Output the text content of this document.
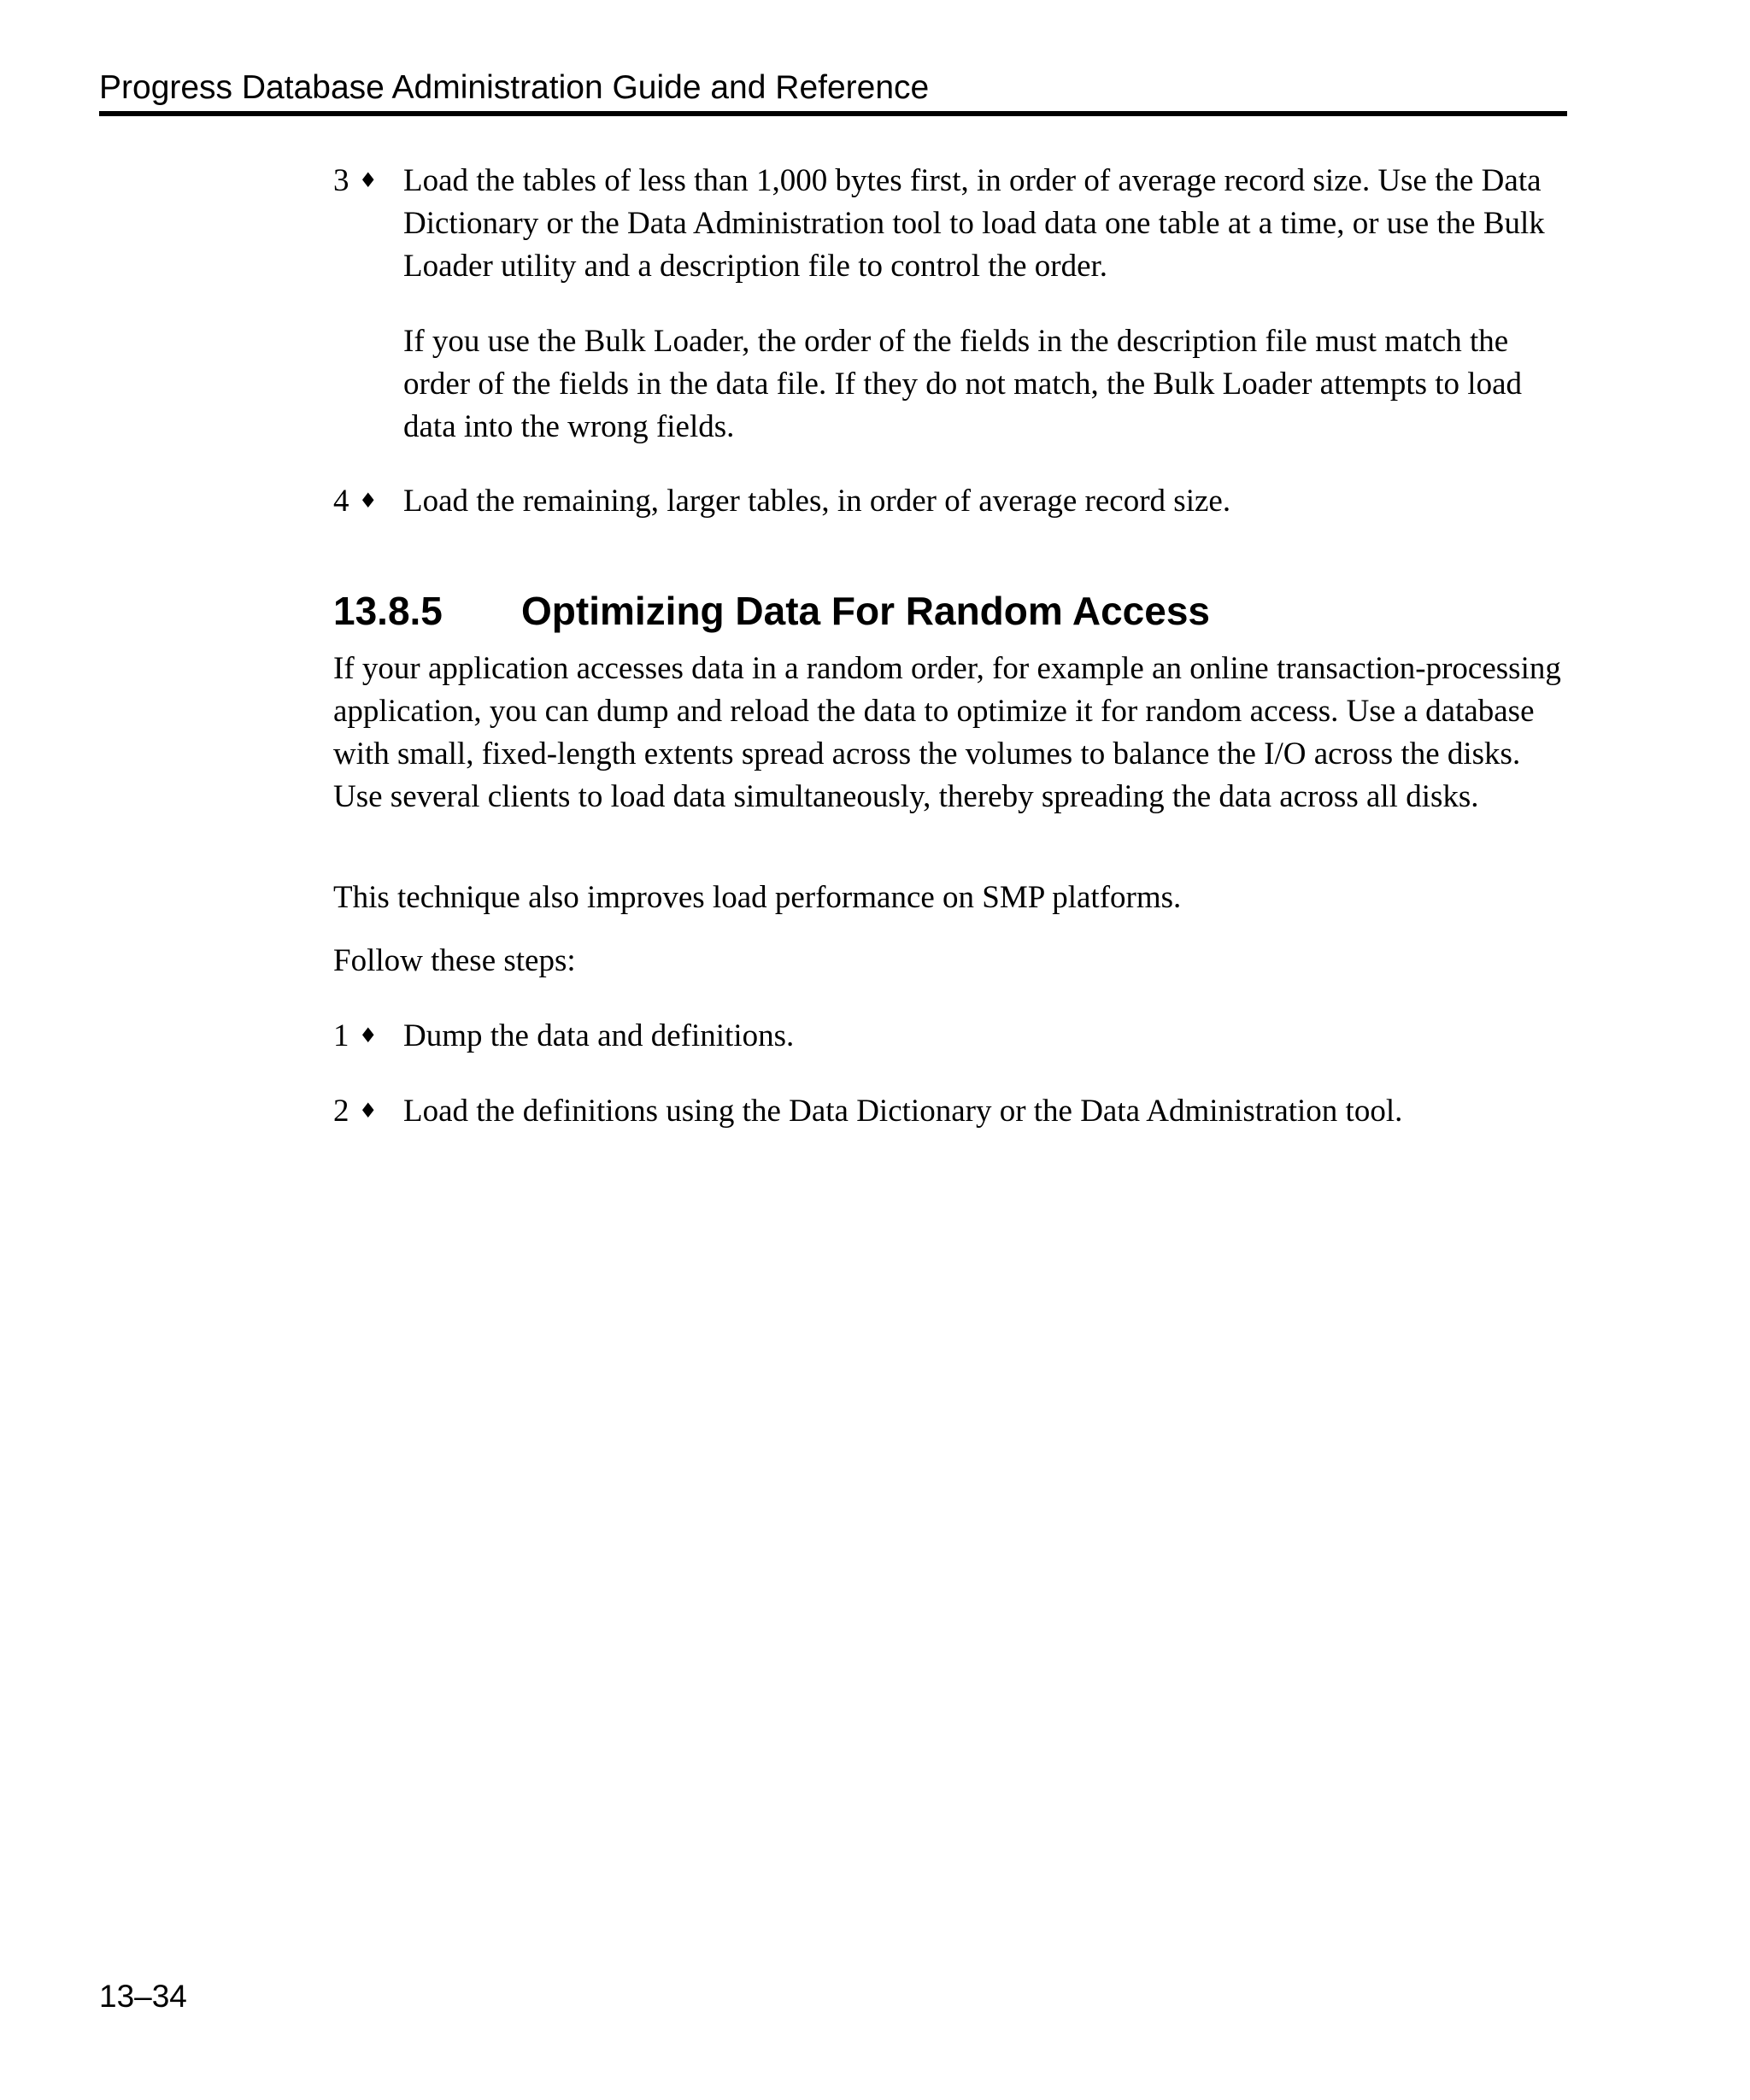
Progress Database Administration Guide and Reference
3 ♦ Load the tables of less than 1,000 bytes first, in order of average record size. Use the Data Dictionary or the Data Administration tool to load data one table at a time, or use the Bulk Loader utility and a description file to control the order.
If you use the Bulk Loader, the order of the fields in the description file must match the order of the fields in the data file. If they do not match, the Bulk Loader attempts to load data into the wrong fields.
4 ♦ Load the remaining, larger tables, in order of average record size.
13.8.5 Optimizing Data For Random Access
If your application accesses data in a random order, for example an online transaction-processing application, you can dump and reload the data to optimize it for random access. Use a database with small, fixed-length extents spread across the volumes to balance the I/O across the disks. Use several clients to load data simultaneously, thereby spreading the data across all disks.
This technique also improves load performance on SMP platforms.
Follow these steps:
1 ♦ Dump the data and definitions.
2 ♦ Load the definitions using the Data Dictionary or the Data Administration tool.
13–34
